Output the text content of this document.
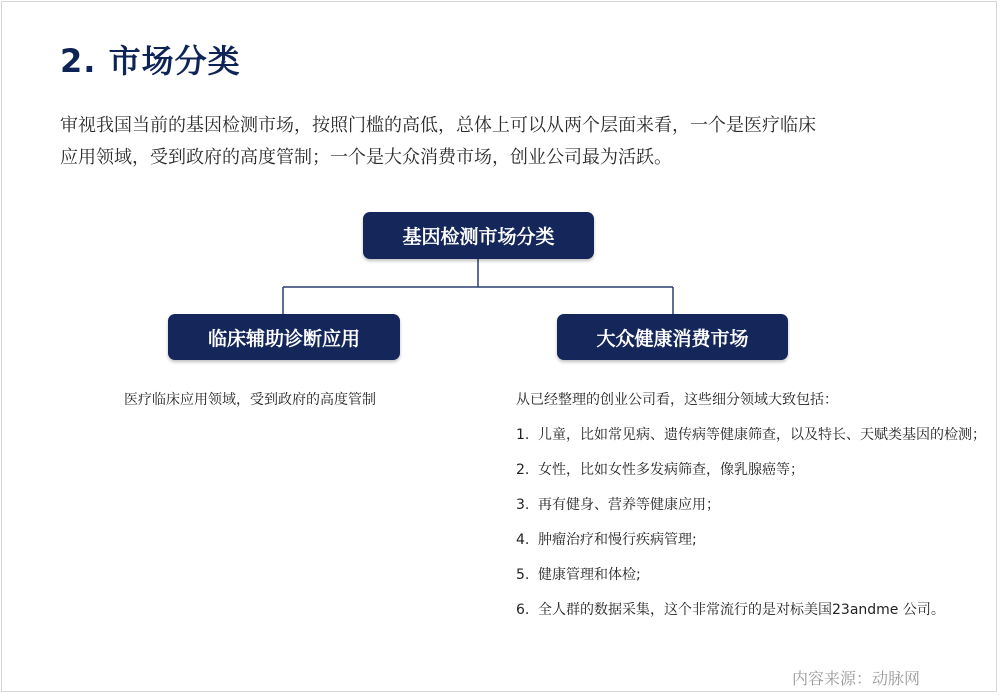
2. 市场分类

审视我国当前的基因检测市场，按照门槛的高低，总体上可以从两个层面来看，一个是医疗临床

应用领域，受到政府的高度管制；一个是大众消费市场，创业公司最为活跃。

基因检测市场分类
临床辅助诊断应用	大众健康消费市场
医疗临床应用领域，受到政府的高度管制	从已经整理的创业公司看，这些细分领域大致包括：
1. 儿童，比如常见病、遗传病等健康筛查，以及特长、天赋类基因的检测；
2. 女性，比如女性多发病筛查，像乳腺癌等；
3. 再有健身、营养等健康应用；
4. 肿瘤治疗和慢行疾病管理;
5. 健康管理和体检;
6. 全人群的数据采集，这个非常流行的是对标美国23andme 公司。
内容来源：动脉网
